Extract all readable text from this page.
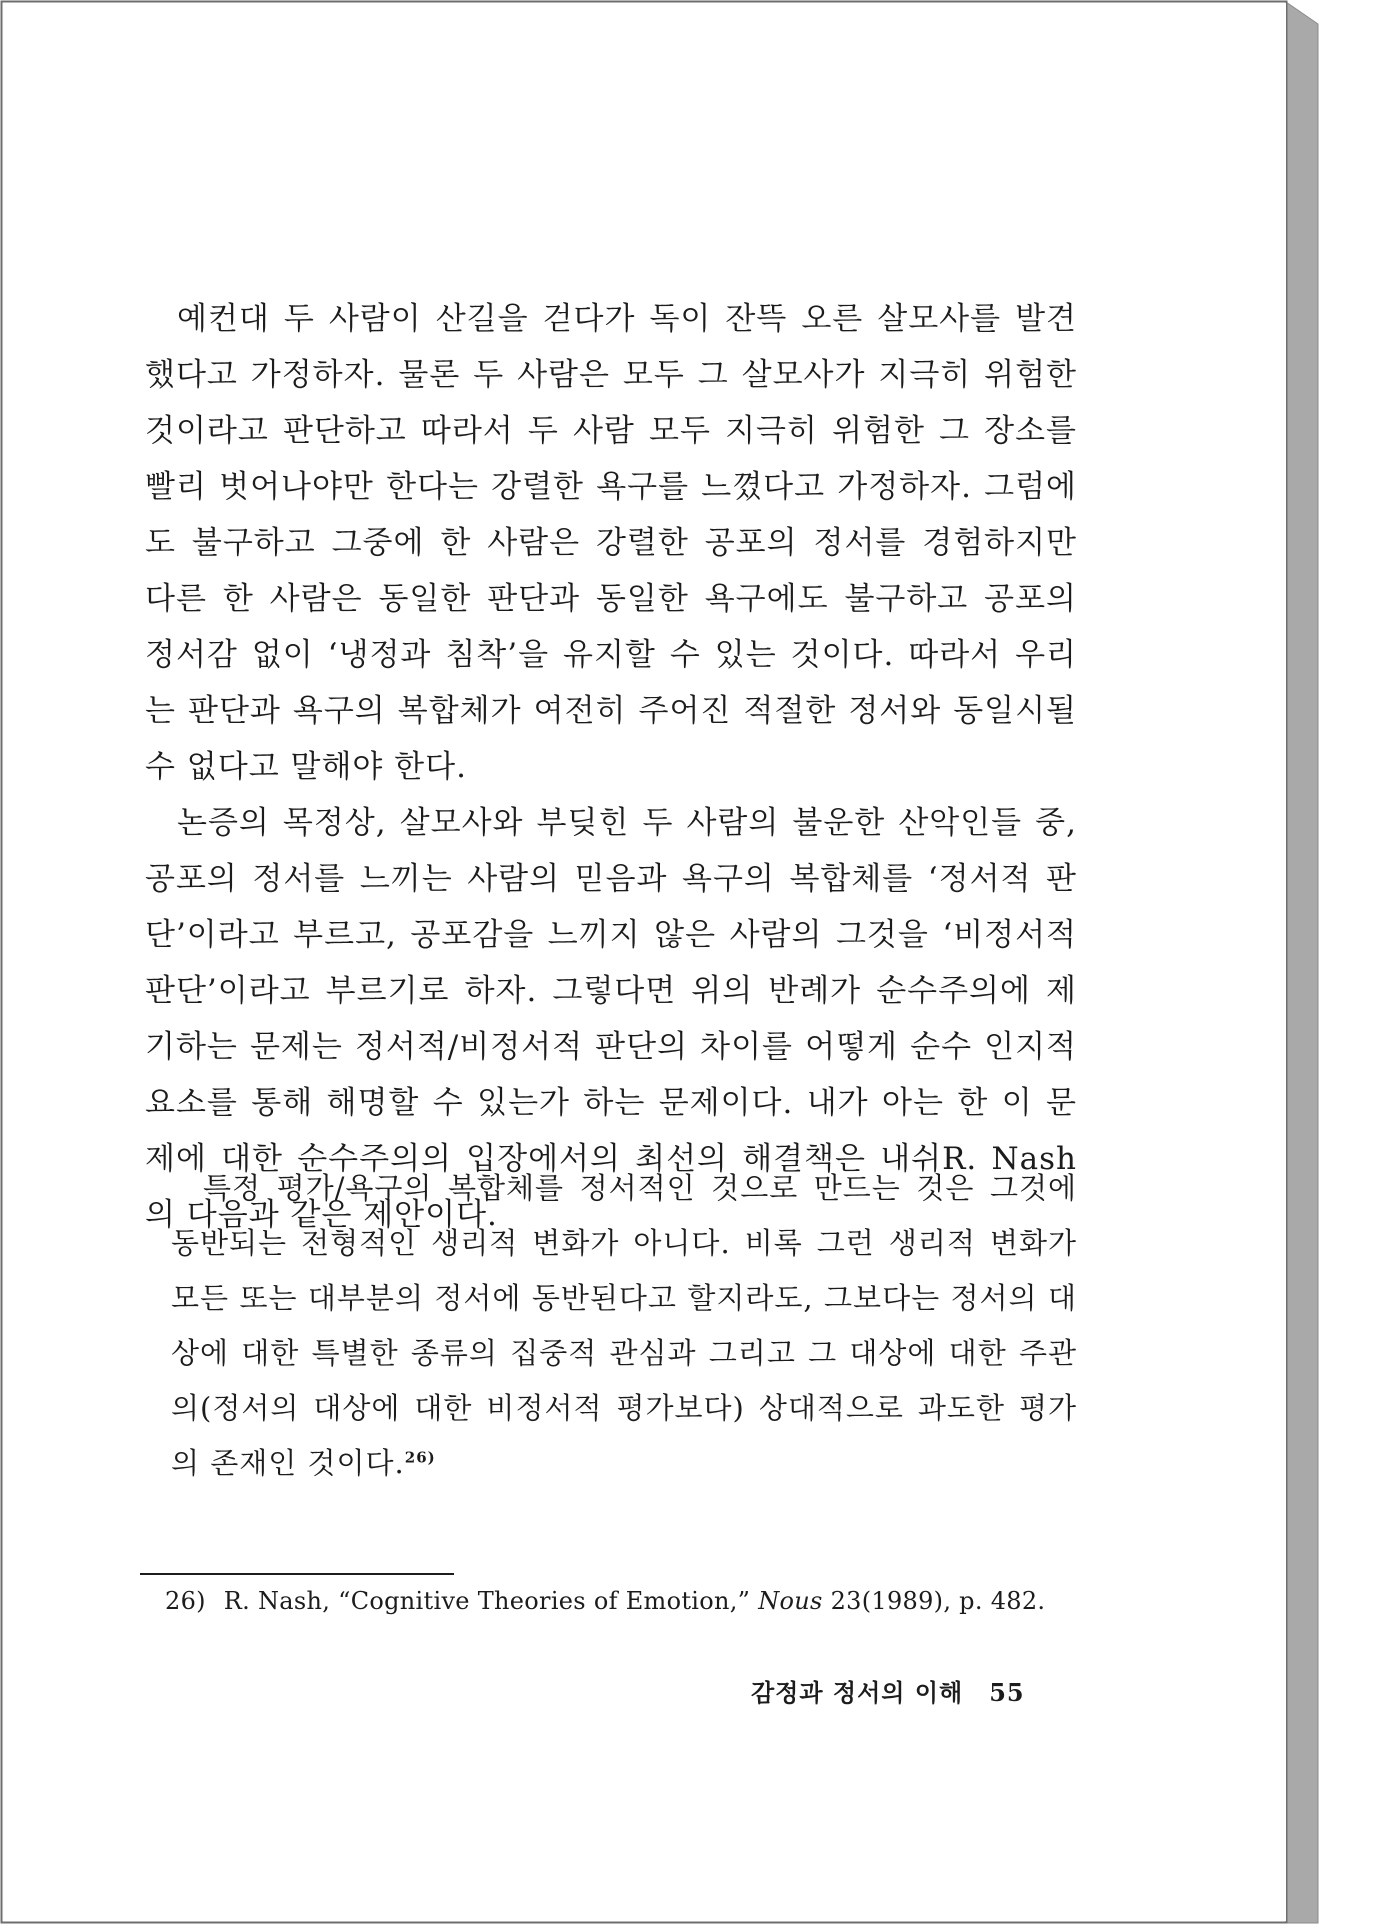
예컨대 두 사람이 산길을 걷다가 독이 잔뜩 오른 살모사를 발견했다고 가정하자. 물론 두 사람은 모두 그 살모사가 지극히 위험한 것이라고 판단하고 따라서 두 사람 모두 지극히 위험한 그 장소를 빨리 벗어나야만 한다는 강렬한 욕구를 느꼈다고 가정하자. 그럼에도 불구하고 그중에 한 사람은 강렬한 공포의 정서를 경험하지만 다른 한 사람은 동일한 판단과 동일한 욕구에도 불구하고 공포의 정서감 없이 ‘냉정과 침착’을 유지할 수 있는 것이다. 따라서 우리는 판단과 욕구의 복합체가 여전히 주어진 적절한 정서와 동일시될 수 없다고 말해야 한다.

논증의 목정상, 살모사와 부딪힌 두 사람의 불운한 산악인들 중, 공포의 정서를 느끼는 사람의 믿음과 욕구의 복합체를 ‘정서적 판단’이라고 부르고, 공포감을 느끼지 않은 사람의 그것을 ‘비정서적 판단’이라고 부르기로 하자. 그렇다면 위의 반례가 순수주의에 제기하는 문제는 정서적/비정서적 판단의 차이를 어떻게 순수 인지적 요소를 통해 해명할 수 있는가 하는 문제이다. 내가 아는 한 이 문제에 대한 순수주의의 입장에서의 최선의 해결책은 내쉬R. Nash의 다음과 같은 제안이다.

특정 평가/욕구의 복합체를 정서적인 것으로 만드는 것은 그것에 동반되는 전형적인 생리적 변화가 아니다. 비록 그런 생리적 변화가 모든 또는 대부분의 정서에 동반된다고 할지라도, 그보다는 정서의 대상에 대한 특별한 종류의 집중적 관심과 그리고 그 대상에 대한 주관의(정서의 대상에 대한 비정서적 평가보다) 상대적으로 과도한 평가의 존재인 것이다.$^{26)}$
26) R. Nash, “Cognitive Theories of Emotion,” Nous 23(1989), p. 482.
감정과 정서의 이해 55
